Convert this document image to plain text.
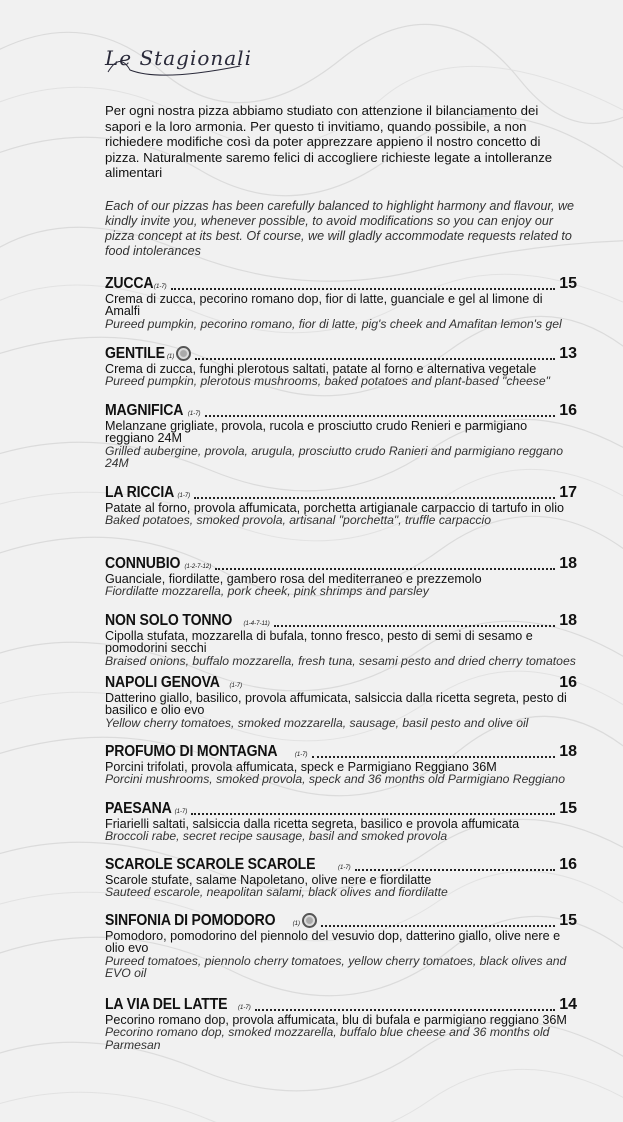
Le Stagionali

Per ogni nostra pizza abbiamo studiato con attenzione il bilanciamento dei sapori e la loro armonia. Per questo ti invitiamo, quando possibile, a non richiedere modifiche così da poter apprezzare appieno il nostro concetto di pizza. Naturalmente saremo felici di accogliere richieste legate a intolleranze alimentari

Each of our pizzas has been carefully balanced to highlight harmony and flavour, we kindly invite you, whenever possible, to avoid modifications so you can enjoy our pizza concept at its best. Of course, we will gladly accommodate requests related to food intolerances

ZUCCA (1-7)	15
Crema di zucca, pecorino romano dop, fior di latte, guanciale e gel al limone di Amalfi
Pureed pumpkin, pecorino romano, fior di latte, pig's cheek and Amafitan lemon's gel
GENTILE (1)	13
Crema di zucca, funghi plerotous saltati, patate al forno e alternativa vegetale
Pureed pumpkin, plerotous mushrooms, baked potatoes and plant-based "cheese"
MAGNIFICA (1-7)	16
Melanzane grigliate, provola, rucola e prosciutto crudo Renieri e parmigiano reggiano 24M
Grilled aubergine, provola, arugula, prosciutto crudo Ranieri and parmigiano reggano 24M
LA RICCIA (1-7)	17
Patate al forno, provola affumicata, porchetta artigianale carpaccio di tartufo in olio
Baked potatoes, smoked provola, artisanal "porchetta", truffle carpaccio
CONNUBIO (1-2-7-12)	18
Guanciale, fiordilatte, gambero rosa del mediterraneo e prezzemolo
Fiordilatte mozzarella, pork cheek, pink shrimps and parsley
NON SOLO TONNO (1-4-7-11)	18
Cipolla stufata, mozzarella di bufala, tonno fresco, pesto di semi di sesamo e pomodorini secchi
Braised onions, buffalo mozzarella, fresh tuna, sesami pesto and dried cherry tomatoes
NAPOLI GENOVA (1-7)	16
Datterino giallo, basilico, provola affumicata, salsiccia dalla ricetta segreta, pesto di basilico e olio evo
Yellow cherry tomatoes, smoked mozzarella, sausage, basil pesto and olive oil
PROFUMO DI MONTAGNA	(1-7)	18
Porcini trifolati, provola affumicata, speck e Parmigiano Reggiano 36M
Porcini mushrooms, smoked provola, speck and 36 months old Parmigiano Reggiano
PAESANA (1-7)	15
Friarielli saltati, salsiccia dalla ricetta segreta, basilico e provola affumicata
Broccoli rabe, secret recipe sausage, basil and smoked provola
SCAROLE SCAROLE SCAROLE	(1-7)	16
Scarole stufate, salame Napoletano, olive nere e fiordilatte
Sauteed escarole, neapolitan salami, black olives and fiordilatte
SINFONIA DI POMODORO	(1)	15
Pomodoro, pomodorino del piennolo del vesuvio dop, datterino giallo, olive nere e olio evo
Pureed tomatoes, piennolo cherry tomatoes, yellow cherry tomatoes, black olives and EVO oil
LA VIA DEL LATTE (1-7)	14
Pecorino romano dop, provola affumicata, blu di bufala e parmigiano reggiano 36M
Pecorino romano dop, smoked mozzarella, buffalo blue cheese and 36 months old Parmesan
